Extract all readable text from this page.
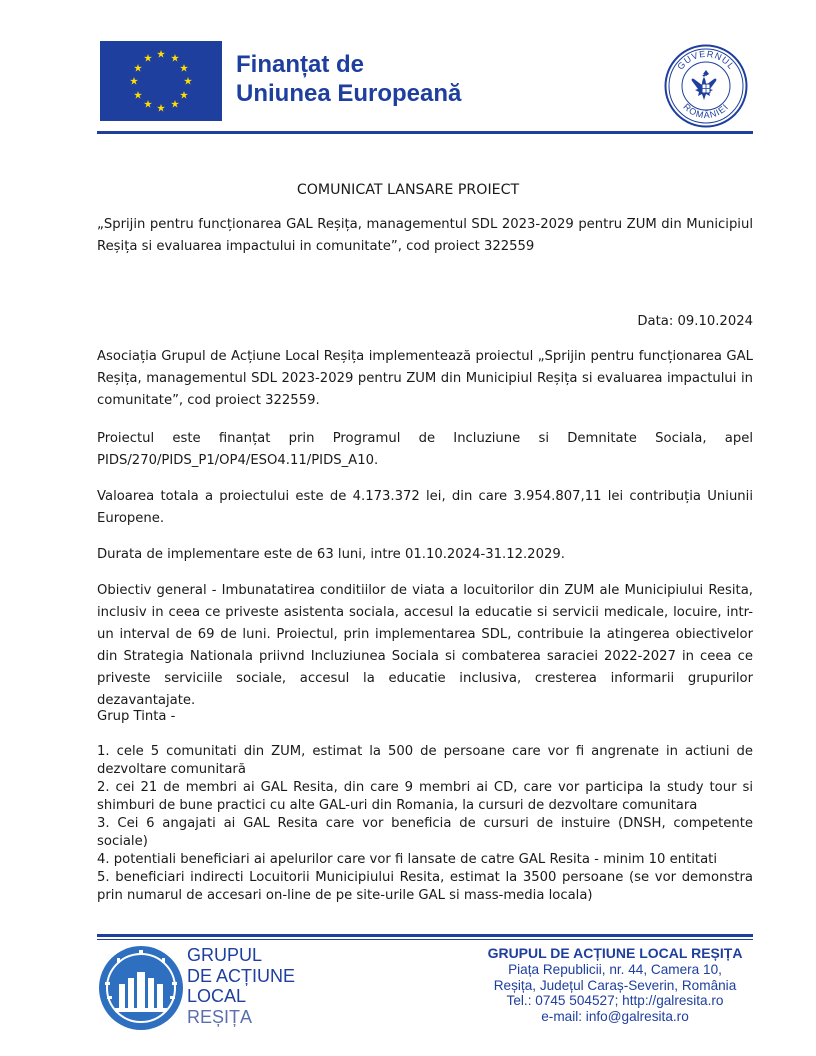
Finanțat de
Uniunea Europeană
GUVERNUL
ROMÂNIEI
COMUNICAT LANSARE PROIECT
„Sprijin pentru funcționarea GAL Reșița, managementul SDL 2023-2029 pentru ZUM din Municipiul Reșița si evaluarea impactului in comunitate”, cod proiect 322559
Data: 09.10.2024
Asociația Grupul de Acțiune Local Reșița implementează proiectul „Sprijin pentru funcționarea GAL Reșița, managementul SDL 2023-2029 pentru ZUM din Municipiul Reșița si evaluarea impactului in comunitate”, cod proiect 322559.
Proiectul este finanțat prin Programul de Incluziune si Demnitate Sociala, apel PIDS/270/PIDS_P1/OP4/ESO4.11/PIDS_A10.
Valoarea totala a proiectului este de 4.173.372 lei, din care 3.954.807,11 lei contribuția Uniunii Europene.
Durata de implementare este de 63 luni, intre 01.10.2024-31.12.2029.
Obiectiv general - Imbunatatirea conditiilor de viata a locuitorilor din ZUM ale Municipiului Resita, inclusiv in ceea ce priveste asistenta sociala, accesul la educatie si servicii medicale, locuire, intr-un interval de 69 de luni. Proiectul, prin implementarea SDL, contribuie la atingerea obiectivelor din Strategia Nationala priivnd Incluziunea Sociala si combaterea saraciei 2022-2027 in ceea ce priveste serviciile sociale, accesul la educatie inclusiva, cresterea informarii grupurilor dezavantajate.
Grup Tinta -
1. cele 5 comunitati din ZUM, estimat la 500 de persoane care vor fi angrenate in actiuni de dezvoltare comunitară
2. cei 21 de membri ai GAL Resita, din care 9 membri ai CD, care vor participa la study tour si shimburi de bune practici cu alte GAL-uri din Romania, la cursuri de dezvoltare comunitara
3. Cei 6 angajati ai GAL Resita care vor beneficia de cursuri de instuire (DNSH, competente sociale)
4. potentiali beneficiari ai apelurilor care vor fi lansate de catre GAL Resita - minim 10 entitati
5. beneficiari indirecti Locuitorii Municipiului Resita, estimat la 3500 persoane (se vor demonstra prin numarul de accesari on-line de pe site-urile GAL si mass-media locala)
GRUPUL
DE ACȚIUNE
LOCAL
REȘIȚA
GRUPUL DE ACȚIUNE LOCAL REȘIȚA
Piața Republicii, nr. 44, Camera 10,
Reșița, Județul Caraș-Severin, România
Tel.: 0745 504527; http://galresita.ro
e-mail: info@galresita.ro
